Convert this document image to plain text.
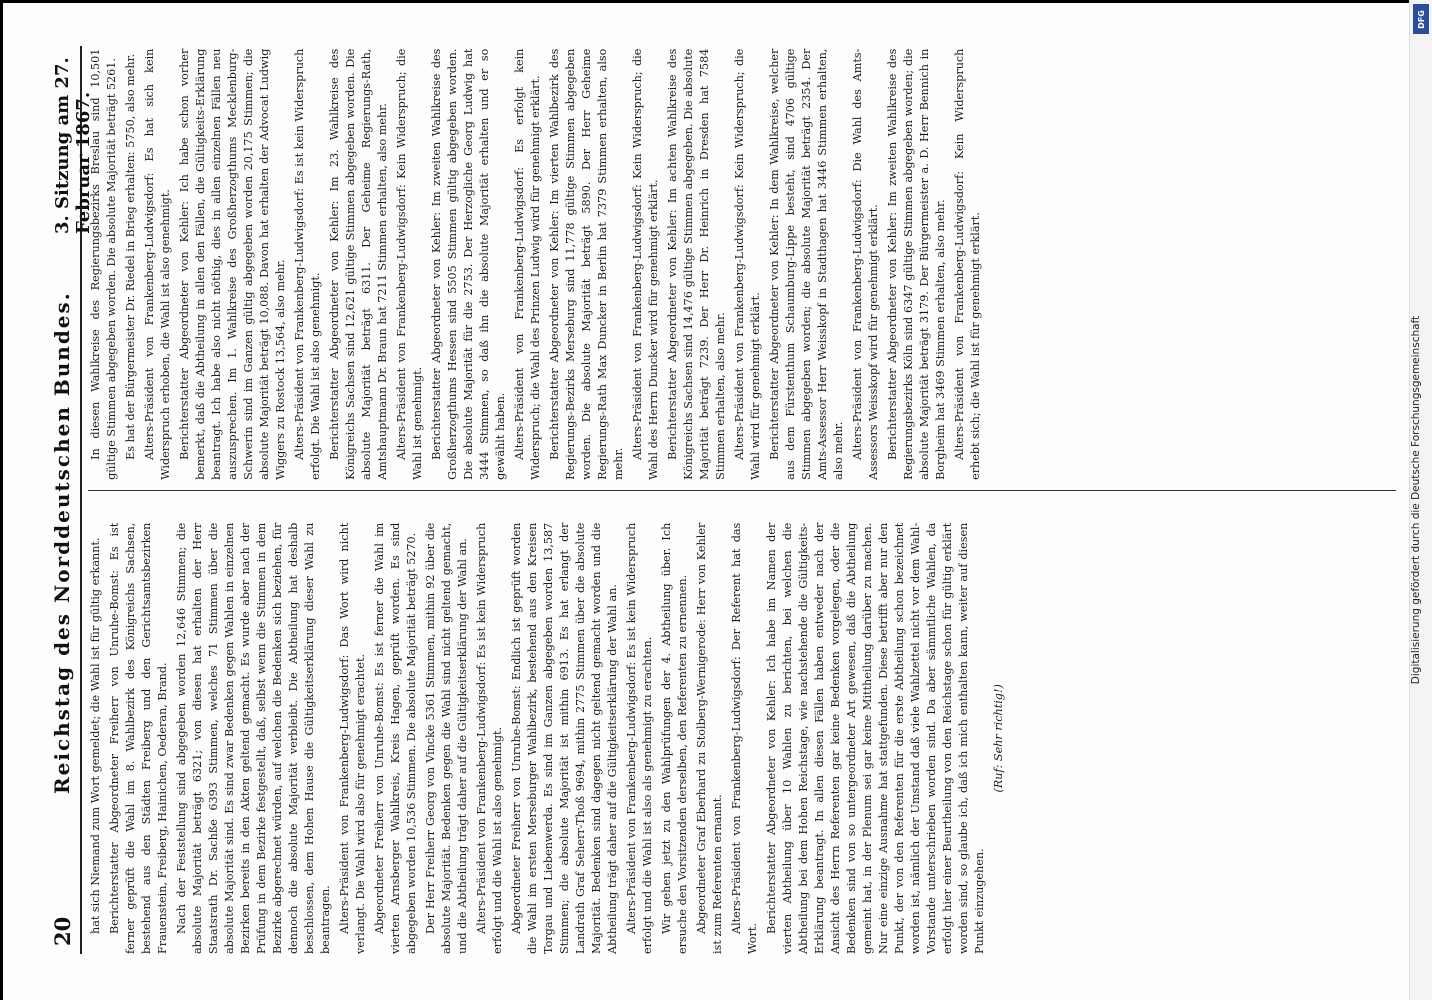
20
Reichstag des Norddeutschen Bundes.
3. Sitzung am 27. Februar 1867.

hat sich Niemand zum Wort gemeldet; die Wahl ist für gültig erkannt. Berichterstatter Abgeordneter Freiherr von Unruhe-Bomst: Es ist ferner geprüft die Wahl im 8. Wahlbezirk des Königreichs Sachsen, bestehend aus den Städten Freiberg und den Gerichtsamtsbezirken Frauenstein, Freiberg, Hainichen, Oederan, Brand. Nach der Feststellung sind abgegeben worden 12,646 Stimmen; die absolute Majorität beträgt 6321; von diesen hat erhalten der Herr Staatsrath Dr. Sachße 6393 Stimmen, welches 71 Stimmen über die absolute Majorität sind. Es sind zwar Bedenken gegen Wahlen in einzelnen Bezirken bereits in den Akten geltend gemacht. Es wurde aber nach der Prüfung in dem Bezirke festgestellt, daß, selbst wenn die Stimmen in dem Bezirke abgerechnet würden, auf welchen die Bedenken sich beziehen, für dennoch die absolute Majorität verbleibt. Die Abtheilung hat deshalb beschlossen, dem Hohen Hause die Gültigkeitserklärung dieser Wahl zu beantragen. Alters-Präsident von Frankenberg-Ludwigsdorf: Das Wort wird nicht verlangt. Die Wahl wird also für genehmigt erachtet. Abgeordneter Freiherr von Unruhe-Bomst: Es ist ferner die Wahl im vierten Arnsberger Wahlkreis, Kreis Hagen, geprüft worden. Es sind abgegeben worden 10,536 Stimmen. Die absolute Majorität beträgt 5270. Der Herr Freiherr Georg von Vincke 5361 Stimmen, mithin 92 über die absolute Majorität. Bedenken gegen die Wahl sind nicht geltend gemacht, und die Abtheilung trägt daher auf die Gültigkeitserklärung der Wahl an. Alters-Präsident von Frankenberg-Ludwigsdorf: Es ist kein Widerspruch erfolgt und die Wahl ist also genehmigt. Abgeordneter Freiherr von Unruhe-Bomst: Endlich ist geprüft worden die Wahl im ersten Merseburger Wahlbezirk, bestehend aus den Kreisen Torgau und Liebenwerda. Es sind im Ganzen abgegeben worden 13,587 Stimmen; die absolute Majorität ist mithin 6913. Es hat erlangt der Landrath Graf Seherr-Thoß 9694, mithin 2775 Stimmen über die absolute Majorität. Bedenken sind dagegen nicht geltend gemacht worden und die Abtheilung trägt daher auf die Gültigkeitserklärung der Wahl an. Alters-Präsident von Frankenberg-Ludwigsdorf: Es ist kein Widerspruch erfolgt und die Wahl ist also als genehmigt zu erachten. Wir gehen jetzt zu den Wahlprüfungen der 4. Abtheilung über. Ich ersuche den Vorsitzenden derselben, den Referenten zu ernennen. Abgeordneter Graf Eberhard zu Stolberg-Wernigerode: Herr von Kehler ist zum Referenten ernannt. Alters-Präsident von Frankenberg-Ludwigsdorf: Der Referent hat das Wort.

Berichterstatter Abgeordneter von Kehler: Ich habe im Namen der vierten Abtheilung über 10 Wahlen zu berichten, bei welchen die Abtheilung bei dem Hohen Reichstage, wie nachstehende die Gültigkeits-Erklärung beantragt. In allen diesen Fällen haben entweder nach der Ansicht des Herrn Referenten gar keine Bedenken vorgelegen, oder die Bedenken sind von so untergeordneter Art gewesen, daß die Abtheilung gemeint hat, in der Plenum sei gar keine Mittheilung darüber zu machen. Nur eine einzige Ausnahme hat stattgefunden. Diese betrifft aber nur den Punkt, der von den Referenten für die erste Abtheilung schon bezeichnet worden ist, nämlich der Umstand daß viele Wahlzettel nicht vor dem Wahl-Vorstande unterschrieben worden sind. Da aber sämmtliche Wahlen, da erfolgt hier einer Beurtheilung von den Reichstage schon für gültig erklärt worden sind, so glaube ich, daß ich mich enthalten kann, weiter auf diesen Punkt einzugehen.

(Ruf: Sehr richtig!)

In diesen Wahlkreise des Regierungsbezirks Breslau sind 10,501 gültige Stimmen abgegeben worden. Die absolute Majorität beträgt 5261. Es hat der Bürgermeister Dr. Riedel in Brieg erhalten: 5750, also mehr. Alters-Präsident von Frankenberg-Ludwigsdorf: Es hat sich kein Widerspruch erhoben, die Wahl ist also genehmigt. Berichterstatter Abgeordneter von Kehler: Ich habe schon vorher bemerkt, daß die Abtheilung in allen den Fällen, die Gültigkeits-Erklärung beantragt. Ich habe also nicht nöthig, dies in allen einzelnen Fällen neu auszusprechen. Im 1. Wahlkreise des Großherzogthums Mecklenburg-Schwerin sind im Ganzen gültig abgegeben worden 20,175 Stimmen; die absolute Majorität beträgt 10,088. Davon hat erhalten der Advocat Ludwig Wiggers zu Rostock 13,564, also mehr. Alters-Präsident von Frankenberg-Ludwigsdorf: Es ist kein Widerspruch erfolgt. Die Wahl ist also genehmigt. Berichterstatter Abgeordneter von Kehler: Im 23. Wahlkreise des Königreichs Sachsen sind 12,621 gültige Stimmen abgegeben worden. Die absolute Majorität beträgt 6311. Der Geheime Regierungs-Rath, Amtshauptmann Dr. Braun hat 7211 Stimmen erhalten, also mehr. Alters-Präsident von Frankenberg-Ludwigsdorf: Kein Widerspruch; die Wahl ist genehmigt. Berichterstatter Abgeordneter von Kehler: Im zweiten Wahlkreise des Großherzogthums Hessen sind 5505 Stimmen gültig abgegeben worden. Die absolute Majorität für die 2753. Der Herzogliche Georg Ludwig hat 3444 Stimmen, so daß ihn die absolute Majorität erhalten und er so gewählt haben. Alters-Präsident von Frankenberg-Ludwigsdorf: Es erfolgt kein Widerspruch; die Wahl des Prinzen Ludwig wird für genehmigt erklärt. Berichterstatter Abgeordneter von Kehler: Im vierten Wahlbezirk des Regierungs-Bezirks Merseburg sind 11,778 gültige Stimmen abgegeben worden. Die absolute Majorität beträgt 5890. Der Herr Geheime Regierungs-Rath Max Duncker in Berlin hat 7379 Stimmen erhalten, also mehr.

Alters-Präsident von Frankenberg-Ludwigsdorf: Kein Widerspruch; die Wahl des Herrn Duncker wird für genehmigt erklärt. Berichterstatter Abgeordneter von Kehler: Im achten Wahlkreise des Königreichs Sachsen sind 14,476 gültige Stimmen abgegeben. Die absolute Majorität beträgt 7239. Der Herr Dr. Heinrich in Dresden hat 7584 Stimmen erhalten, also mehr. Alters-Präsident von Frankenberg-Ludwigsdorf: Kein Widerspruch; die Wahl wird für genehmigt erklärt. Berichterstatter Abgeordneter von Kehler: In dem Wahlkreise, welcher aus dem Fürstenthum Schaumburg-Lippe besteht, sind 4706 gültige Stimmen abgegeben worden; die absolute Majorität beträgt 2354. Der Amts-Assessor Herr Weisskopf in Stadthagen hat 3446 Stimmen erhalten, also mehr. Alters-Präsident von Frankenberg-Ludwigsdorf: Die Wahl des Amts-Assessors Weisskopf wird für genehmigt erklärt. Berichterstatter Abgeordneter von Kehler: Im zweiten Wahlkreise des Regierungsbezirks Köln sind 6347 gültige Stimmen abgegeben worden; die absolute Majorität beträgt 3179. Der Bürgermeister a. D. Herr Bennich in Borgheim hat 3469 Stimmen erhalten, also mehr. Alters-Präsident von Frankenberg-Ludwigsdorf: Kein Widerspruch erhebt sich; die Wahl ist für genehmigt erklärt.	Digitalisierung gefördert durch die Deutsche Forschungsgemeinschaft
DFG
